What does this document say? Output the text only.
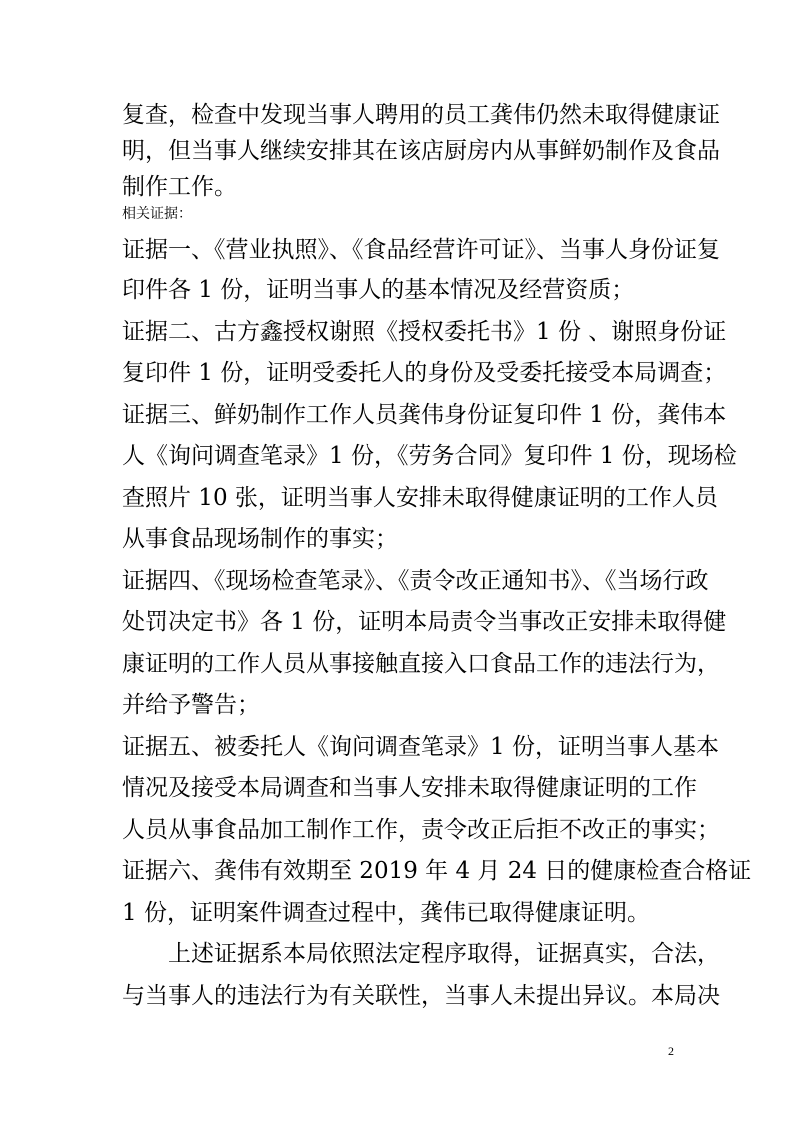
复查，检查中发现当事人聘用的员工龚伟仍然未取得健康证
明，但当事人继续安排其在该店厨房内从事鲜奶制作及食品
制作工作。
相关证据：
证据一、《营业执照》、《食品经营许可证》、当事人身份证复
印件各 1 份，证明当事人的基本情况及经营资质；
证据二、古方鑫授权谢照《授权委托书》1 份 、谢照身份证
复印件 1 份，证明受委托人的身份及受委托接受本局调查；
证据三、鲜奶制作工作人员龚伟身份证复印件 1 份，龚伟本
人《询问调查笔录》1 份，《劳务合同》复印件 1 份，现场检
查照片 10 张，证明当事人安排未取得健康证明的工作人员
从事食品现场制作的事实；
证据四、《现场检查笔录》、《责令改正通知书》、《当场行政
处罚决定书》各 1 份，证明本局责令当事改正安排未取得健
康证明的工作人员从事接触直接入口食品工作的违法行为，
并给予警告；
证据五、被委托人《询问调查笔录》1 份，证明当事人基本
情况及接受本局调查和当事人安排未取得健康证明的工作
人员从事食品加工制作工作，责令改正后拒不改正的事实；
证据六、龚伟有效期至 2019 年 4 月 24 日的健康检查合格证
1 份，证明案件调查过程中，龚伟已取得健康证明。
上述证据系本局依照法定程序取得，证据真实，合法，
与当事人的违法行为有关联性，当事人未提出异议。本局决
2
